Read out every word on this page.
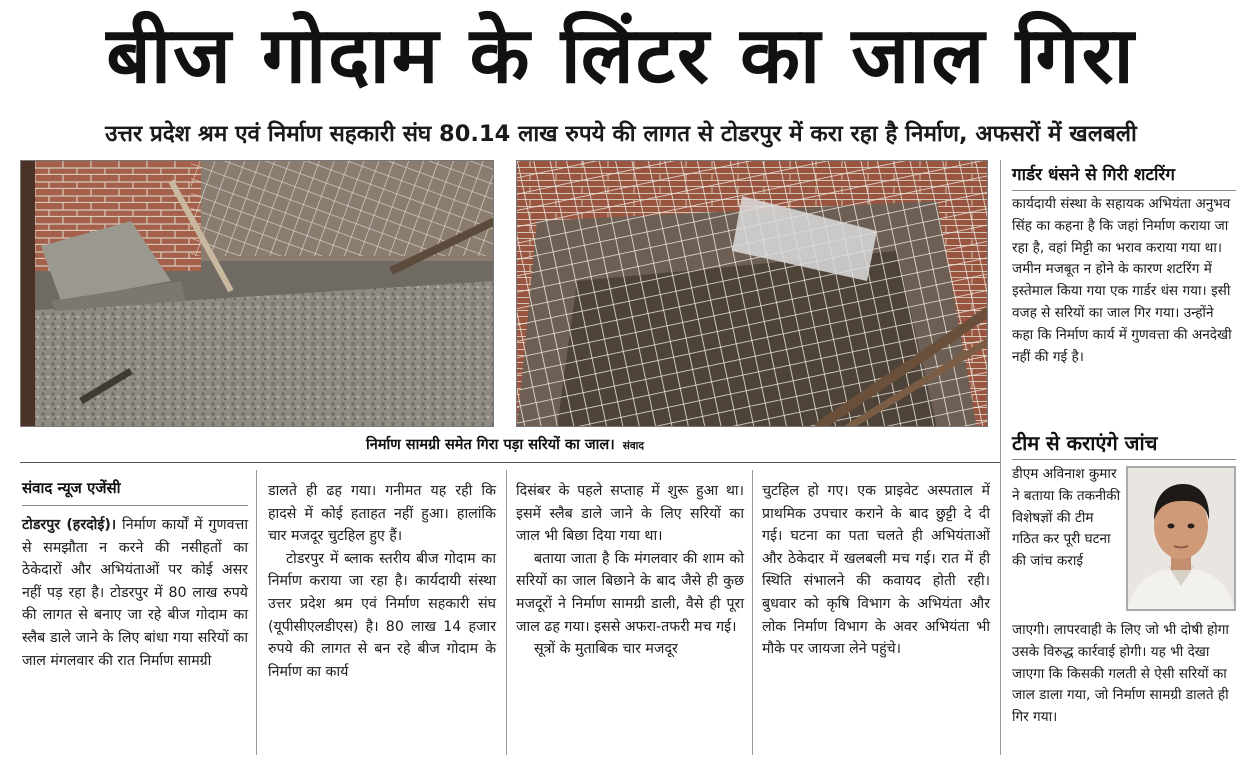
बीज गोदाम के लिंटर का जाल गिरा
उत्तर प्रदेश श्रम एवं निर्माण सहकारी संघ 80.14 लाख रुपये की लागत से टोडरपुर में करा रहा है निर्माण, अफसरों में खलबली
निर्माण सामग्री समेत गिरा पड़ा सरियों का जाल। संवाद
संवाद न्यूज एजेंसी

टोडरपुर (हरदोई)। निर्माण कार्यों में गुणवत्ता से समझौता न करने की नसीहतों का ठेकेदारों और अभियंताओं पर कोई असर नहीं पड़ रहा है। टोडरपुर में 80 लाख रुपये की लागत से बनाए जा रहे बीज गोदाम का स्लैब डाले जाने के लिए बांधा गया सरियों का जाल मंगलवार की रात निर्माण सामग्री

डालते ही ढह गया। गनीमत यह रही कि हादसे में कोई हताहत नहीं हुआ। हालांकि चार मजदूर चुटहिल हुए हैं।

टोडरपुर में ब्लाक स्तरीय बीज गोदाम का निर्माण कराया जा रहा है। कार्यदायी संस्था उत्तर प्रदेश श्रम एवं निर्माण सहकारी संघ (यूपीसीएलडीएस) है। 80 लाख 14 हजार रुपये की लागत से बन रहे बीज गोदाम के निर्माण का कार्य

दिसंबर के पहले सप्ताह में शुरू हुआ था। इसमें स्लैब डाले जाने के लिए सरियों का जाल भी बिछा दिया गया था।

बताया जाता है कि मंगलवार की शाम को सरियों का जाल बिछाने के बाद जैसे ही कुछ मजदूरों ने निर्माण सामग्री डाली, वैसे ही पूरा जाल ढह गया। इससे अफरा-तफरी मच गई।

सूत्रों के मुताबिक चार मजदूर

चुटहिल हो गए। एक प्राइवेट अस्पताल में प्राथमिक उपचार कराने के बाद छुट्टी दे दी गई। घटना का पता चलते ही अभियंताओं और ठेकेदार में खलबली मच गई। रात में ही स्थिति संभालने की कवायद होती रही। बुधवार को कृषि विभाग के अभियंता और लोक निर्माण विभाग के अवर अभियंता भी मौके पर जायजा लेने पहुंचे।

गार्डर धंसने से गिरी शटरिंग
कार्यदायी संस्था के सहायक अभियंता अनुभव सिंह का कहना है कि जहां निर्माण कराया जा रहा है, वहां मिट्टी का भराव कराया गया था। जमीन मजबूत न होने के कारण शटरिंग में इस्तेमाल किया गया एक गार्डर धंस गया। इसी वजह से सरियों का जाल गिर गया। उन्होंने कहा कि निर्माण कार्य में गुणवत्ता की अनदेखी नहीं की गई है।
टीम से कराएंगे जांच
डीएम अविनाश कुमार ने बताया कि तकनीकी विशेषज्ञों की टीम गठित कर पूरी घटना की जांच कराई
जाएगी। लापरवाही के लिए जो भी दोषी होगा उसके विरुद्ध कार्रवाई होगी। यह भी देखा जाएगा कि किसकी गलती से ऐसी सरियों का जाल डाला गया, जो निर्माण सामग्री डालते ही गिर गया।
